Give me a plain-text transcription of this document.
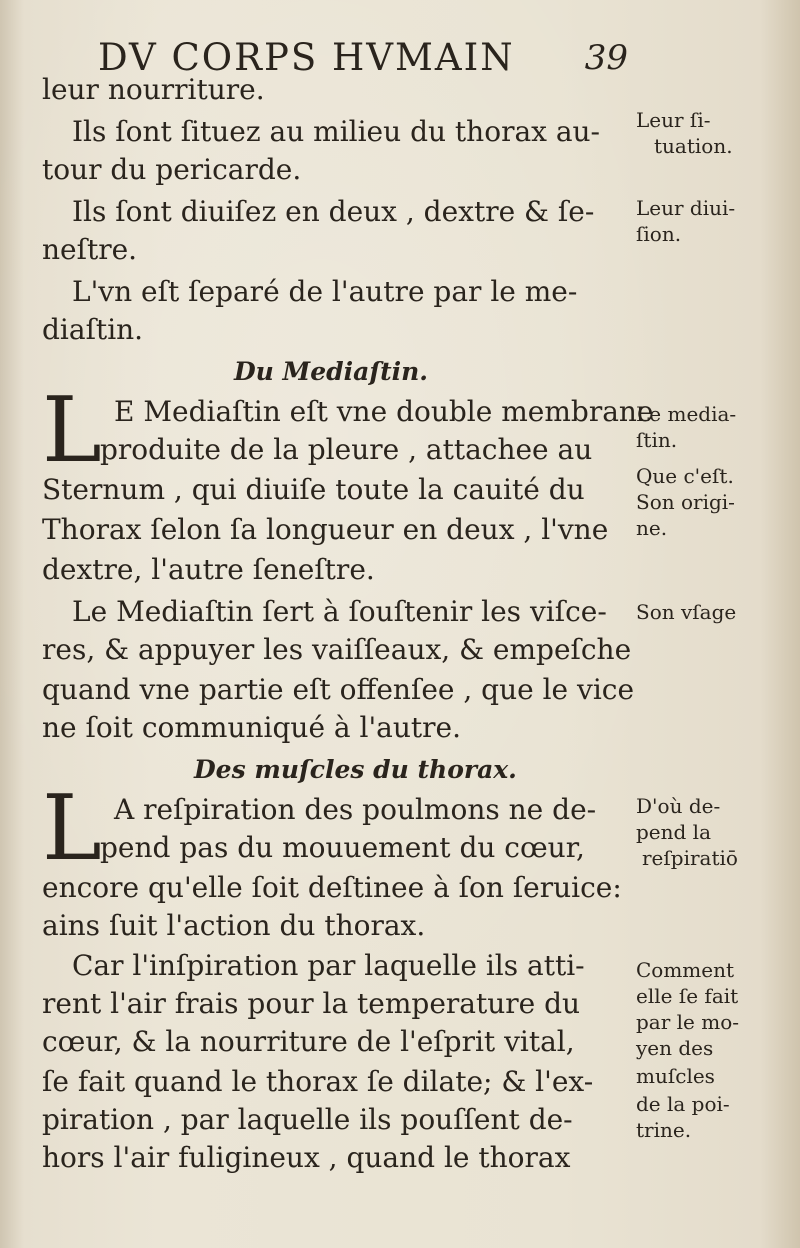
DV CORPS HVMAIN 39
leur nourriture.
Ils ſont ſituez au milieu du thorax au-
tour du pericarde.
Ils ſont diuiſez en deux , dextre & ſe-
neſtre.
L'vn eſt ſeparé de l'autre par le me-
diaſtin.
Du Mediaſtin.
L E Mediaſtin eſt vne double membrane
produite de la pleure , attachee au
Sternum , qui diuiſe toute la cauité du
Thorax ſelon ſa longueur en deux , l'vne
dextre, l'autre ſeneſtre.
Le Mediaſtin ſert à ſouſtenir les viſce-
res, & appuyer les vaiſſeaux, & empeſche
quand vne partie eſt offenſee , que le vice
ne ſoit communiqué à l'autre.
Des muſcles du thorax.
L A reſpiration des poulmons ne de-
pend pas du mouuement du cœur,
encore qu'elle ſoit deſtinee à ſon ſeruice:
ains ſuit l'action du thorax.
Car l'inſpiration par laquelle ils atti-
rent l'air frais pour la temperature du
cœur, & la nourriture de l'eſprit vital,
ſe fait quand le thorax ſe dilate; & l'ex-
piration , par laquelle ils pouſſent de-
hors l'air fuligineux , quand le thorax
Leur ſi-
tuation.
Leur diui-
ſion.
Le media-
ſtin.
Que c'eſt.
Son origi-
ne.
Son vſage
D'où de-
pend la
reſpiratiō
Comment
elle ſe fait
par le mo-
yen des
muſcles
de la poi-
trine.
